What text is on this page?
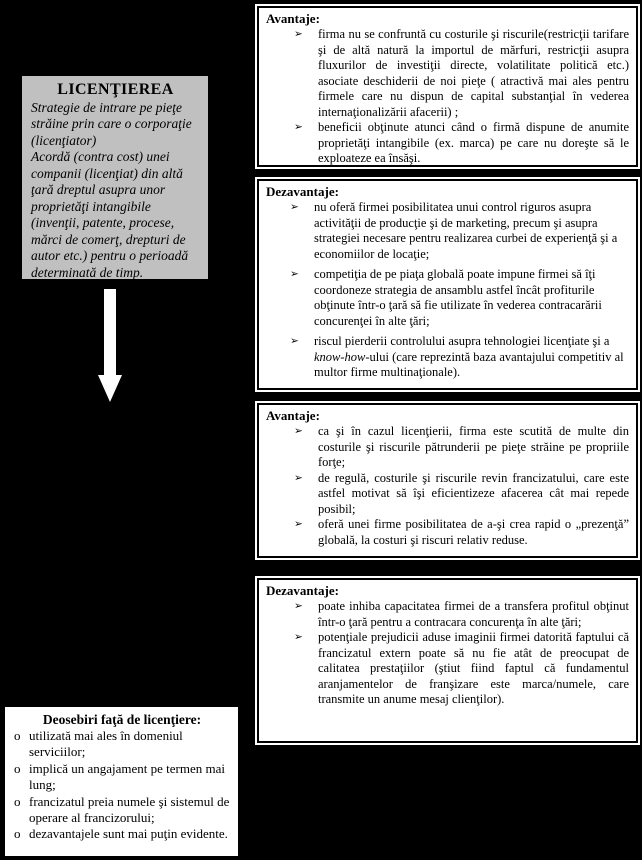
LICENŢIEREA

Strategie de intrare pe pieţe străine prin care o corporaţie (licenţiator)

Acordă (contra cost) unei companii (licenţiat) din altă ţară dreptul asupra unor proprietăţi intangibile (invenţii, patente, procese, mărci de comerţ, drepturi de autor etc.) pentru o perioadă determinată de timp.

Avantaje:
➢	firma nu se confruntă cu costurile şi riscurile(restricţii tarifare şi de altă natură la importul de mărfuri, restricţii asupra fluxurilor de investiţii directe, volatilitate politică etc.) asociate deschiderii de noi pieţe ( atractivă mai ales pentru firmele care nu dispun de capital substanţial în vederea internaţionalizării afacerii) ;
➢	beneficii obţinute atunci când o firmă dispune de anumite proprietăţi intangibile (ex. marca) pe care nu doreşte să le exploateze ea însăşi.
Dezavantaje:
➢	nu oferă firmei posibilitatea unui control riguros asupra activităţii de producţie şi de marketing, precum şi asupra strategiei necesare pentru realizarea curbei de experienţă şi a economiilor de locaţie;
➢	competiţia de pe piaţa globală poate impune firmei să îţi coordoneze strategia de ansamblu astfel încât profiturile obţinute într-o ţară să fie utilizate în vederea contracarării concurenţei în alte ţări;
➢	riscul pierderii controlului asupra tehnologiei licenţiate şi a know-how-ului (care reprezintă baza avantajului competitiv al multor firme multinaţionale).
Avantaje:
➢	ca şi în cazul licenţierii, firma este scutită de multe din costurile şi riscurile pătrunderii pe pieţe străine pe propriile forţe;
➢	de regulă, costurile şi riscurile revin francizatului, care este astfel motivat să îşi eficientizeze afacerea cât mai repede posibil;
➢	oferă unei firme posibilitatea de a-şi crea rapid o „prezenţă” globală, la costuri şi riscuri relativ reduse.
Dezavantaje:
➢	poate inhiba capacitatea firmei de a transfera profitul obţinut într-o ţară pentru a contracara concurenţa în alte ţări;
➢	potenţiale prejudicii aduse imaginii firmei datorită faptului că francizatul extern poate să nu fie atât de preocupat de calitatea prestaţiilor (ştiut fiind faptul că fundamentul aranjamentelor de franşizare este marca/numele, care transmite un anume mesaj clienţilor).
Deosebiri faţă de licenţiere:
o utilizată mai ales în domeniul serviciilor;
o implică un angajament pe termen mai lung;
o francizatul preia numele şi sistemul de operare al francizorului;
o dezavantajele sunt mai puţin evidente.
